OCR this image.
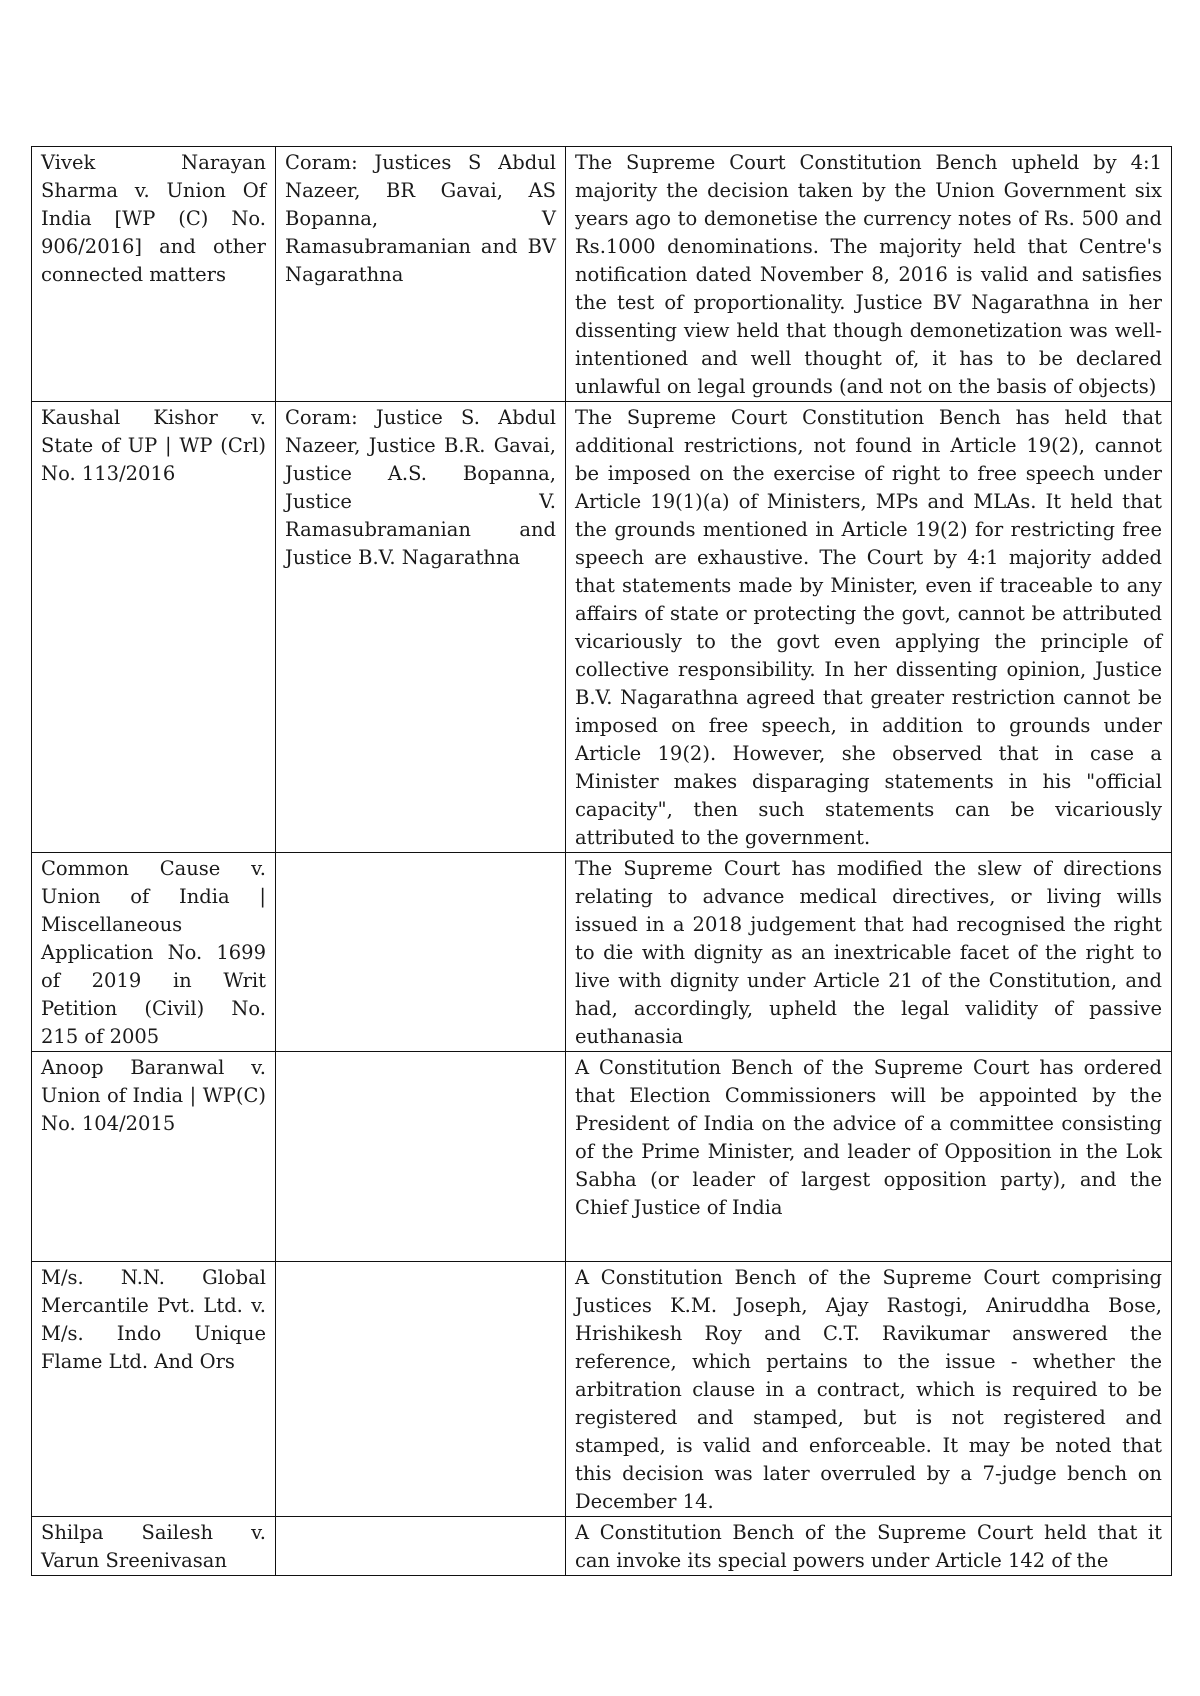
Vivek Narayan Sharma v. Union Of India [WP (C) No. 906/2016] and other connected matters	Coram: Justices S Abdul Nazeer, BR Gavai, AS Bopanna, V Ramasubramanian and BV Nagarathna	The Supreme Court Constitution Bench upheld by 4:1 majority the decision taken by the Union Government six years ago to demonetise the currency notes of Rs. 500 and Rs.1000 denominations. The majority held that Centre's notification dated November 8, 2016 is valid and satisfies the test of proportionality. Justice BV Nagarathna in her dissenting view held that though demonetization was well-intentioned and well thought of, it has to be declared unlawful on legal grounds (and not on the basis of objects)

Kaushal Kishor v. State of UP | WP (Crl) No. 113/2016	Coram: Justice S. Abdul Nazeer, Justice B.R. Gavai, Justice A.S. Bopanna, Justice V. Ramasubramanian and Justice B.V. Nagarathna	The Supreme Court Constitution Bench has held that additional restrictions, not found in Article 19(2), cannot be imposed on the exercise of right to free speech under Article 19(1)(a) of Ministers, MPs and MLAs. It held that the grounds mentioned in Article 19(2) for restricting free speech are exhaustive. The Court by 4:1 majority added that statements made by Minister, even if traceable to any affairs of state or protecting the govt, cannot be attributed vicariously to the govt even applying the principle of collective responsibility. In her dissenting opinion, Justice B.V. Nagarathna agreed that greater restriction cannot be imposed on free speech, in addition to grounds under Article 19(2). However, she observed that in case a Minister makes disparaging statements in his "official capacity", then such statements can be vicariously attributed to the government.

Common Cause v. Union of India | Miscellaneous Application No. 1699 of 2019 in Writ Petition (Civil) No. 215 of 2005		The Supreme Court has modified the slew of directions relating to advance medical directives, or living wills issued in a 2018 judgement that had recognised the right to die with dignity as an inextricable facet of the right to live with dignity under Article 21 of the Constitution, and had, accordingly, upheld the legal validity of passive euthanasia

Anoop Baranwal v. Union of India | WP(C) No. 104/2015		A Constitution Bench of the Supreme Court has ordered that Election Commissioners will be appointed by the President of India on the advice of a committee consisting of the Prime Minister, and leader of Opposition in the Lok Sabha (or leader of largest opposition party), and the Chief Justice of India

M/s. N.N. Global Mercantile Pvt. Ltd. v. M/s. Indo Unique Flame Ltd. And Ors		A Constitution Bench of the Supreme Court comprising Justices K.M. Joseph, Ajay Rastogi, Aniruddha Bose, Hrishikesh Roy and C.T. Ravikumar answered the reference, which pertains to the issue - whether the arbitration clause in a contract, which is required to be registered and stamped, but is not registered and stamped, is valid and enforceable. It may be noted that this decision was later overruled by a 7-judge bench on December 14.

Shilpa Sailesh v. Varun Sreenivasan		A Constitution Bench of the Supreme Court held that it can invoke its special powers under Article 142 of the
